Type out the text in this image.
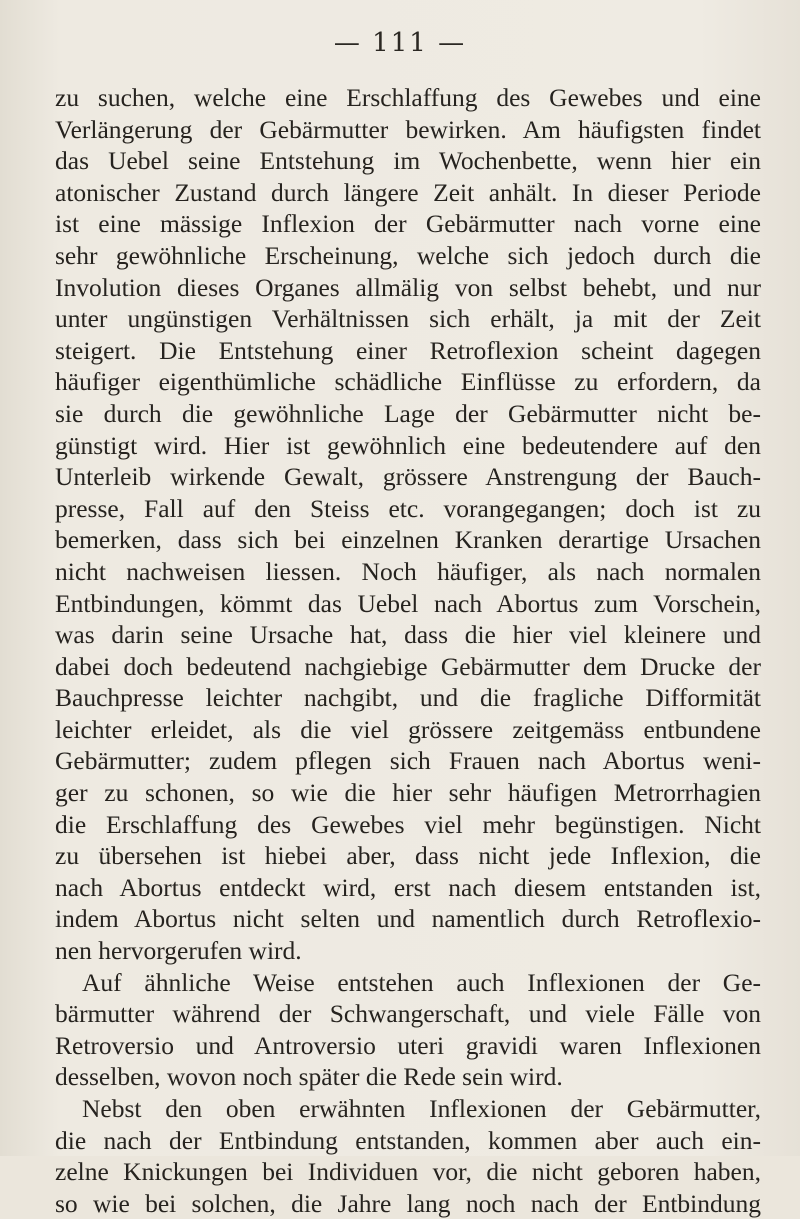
— 111 —
zu suchen, welche eine Erschlaffung des Gewebes und eine
Verlängerung der Gebärmutter bewirken. Am häufigsten findet
das Uebel seine Entstehung im Wochenbette, wenn hier ein
atonischer Zustand durch längere Zeit anhält. In dieser Periode
ist eine mässige Inflexion der Gebärmutter nach vorne eine
sehr gewöhnliche Erscheinung, welche sich jedoch durch die
Involution dieses Organes allmälig von selbst behebt, und nur
unter ungünstigen Verhältnissen sich erhält, ja mit der Zeit
steigert. Die Entstehung einer Retroflexion scheint dagegen
häufiger eigenthümliche schädliche Einflüsse zu erfordern, da
sie durch die gewöhnliche Lage der Gebärmutter nicht be-
günstigt wird. Hier ist gewöhnlich eine bedeutendere auf den
Unterleib wirkende Gewalt, grössere Anstrengung der Bauch-
presse, Fall auf den Steiss etc. vorangegangen; doch ist zu
bemerken, dass sich bei einzelnen Kranken derartige Ursachen
nicht nachweisen liessen. Noch häufiger, als nach normalen
Entbindungen, kömmt das Uebel nach Abortus zum Vorschein,
was darin seine Ursache hat, dass die hier viel kleinere und
dabei doch bedeutend nachgiebige Gebärmutter dem Drucke der
Bauchpresse leichter nachgibt, und die fragliche Difformität
leichter erleidet, als die viel grössere zeitgemäss entbundene
Gebärmutter; zudem pflegen sich Frauen nach Abortus weni-
ger zu schonen, so wie die hier sehr häufigen Metrorrhagien
die Erschlaffung des Gewebes viel mehr begünstigen. Nicht
zu übersehen ist hiebei aber, dass nicht jede Inflexion, die
nach Abortus entdeckt wird, erst nach diesem entstanden ist,
indem Abortus nicht selten und namentlich durch Retroflexio-
nen hervorgerufen wird.
Auf ähnliche Weise entstehen auch Inflexionen der Ge-
bärmutter während der Schwangerschaft, und viele Fälle von
Retroversio und Antroversio uteri gravidi waren Inflexionen
desselben, wovon noch später die Rede sein wird.
Nebst den oben erwähnten Inflexionen der Gebärmutter,
die nach der Entbindung entstanden, kommen aber auch ein-
zelne Knickungen bei Individuen vor, die nicht geboren haben,
so wie bei solchen, die Jahre lang noch nach der Entbindung
